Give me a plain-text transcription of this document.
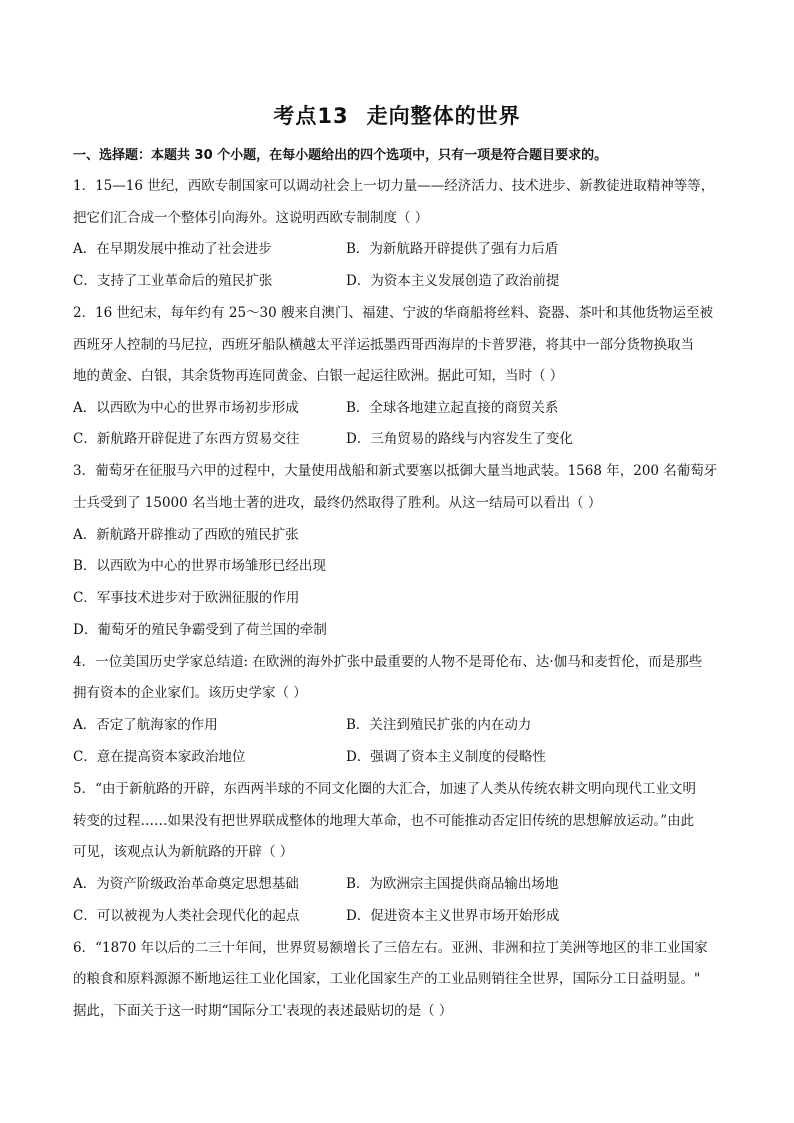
考点13 走向整体的世界
一、选择题：本题共 30 个小题，在每小题给出的四个选项中，只有一项是符合题目要求的。
1．15—16 世纪，西欧专制国家可以调动社会上一切力量——经济活力、技术进步、新教徒进取精神等等，
把它们汇合成一个整体引向海外。这说明西欧专制制度（ ）
A．在早期发展中推动了社会进步	B．为新航路开辟提供了强有力后盾
C．支持了工业革命后的殖民扩张	D．为资本主义发展创造了政治前提
2．16 世纪末，每年约有 25～30 艘来自澳门、福建、宁波的华商船将丝料、瓷器、茶叶和其他货物运至被
西班牙人控制的马尼拉，西班牙船队横越太平洋运抵墨西哥西海岸的卡普罗港，将其中一部分货物换取当
地的黄金、白银，其余货物再连同黄金、白银一起运往欧洲。据此可知，当时（ ）
A．以西欧为中心的世界市场初步形成	B．全球各地建立起直接的商贸关系
C．新航路开辟促进了东西方贸易交往	D．三角贸易的路线与内容发生了变化
3．葡萄牙在征服马六甲的过程中，大量使用战船和新式要塞以抵御大量当地武装。1568 年，200 名葡萄牙
士兵受到了 15000 名当地士著的进攻，最终仍然取得了胜利。从这一结局可以看出（ ）
A．新航路开辟推动了西欧的殖民扩张
B．以西欧为中心的世界市场雏形已经出现
C．军事技术进步对于欧洲征服的作用
D．葡萄牙的殖民争霸受到了荷兰国的牵制
4．一位美国历史学家总结道: 在欧洲的海外扩张中最重要的人物不是哥伦布、达·伽马和麦哲伦，而是那些
拥有资本的企业家们。该历史学家（ ）
A．否定了航海家的作用	B．关注到殖民扩张的内在动力
C．意在提高资本家政治地位	D．强调了资本主义制度的侵略性
5．“由于新航路的开辟，东西两半球的不同文化圈的大汇合，加速了人类从传统农耕文明向现代工业文明
转变的过程……如果没有把世界联成整体的地理大革命，也不可能推动否定旧传统的思想解放运动。”由此
可见，该观点认为新航路的开辟（ ）
A．为资产阶级政治革命奠定思想基础	B．为欧洲宗主国提供商品输出场地
C．可以被视为人类社会现代化的起点	D．促进资本主义世界市场开始形成
6．“1870 年以后的二三十年间，世界贸易额增长了三倍左右。亚洲、非洲和拉丁美洲等地区的非工业国家
的粮食和原料源源不断地运往工业化国家，工业化国家生产的工业品则销往全世界，国际分工日益明显。"
据此，下面关于这一时期“国际分工'表现的表述最贴切的是（ ）
